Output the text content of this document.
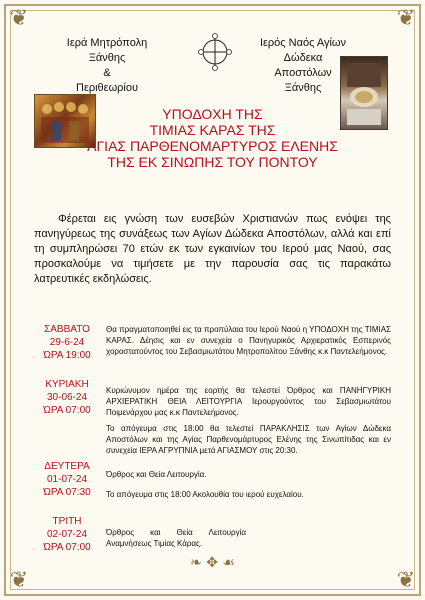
❦	❦
❦	❦
Ιερά Μητρόπολη
Ξάνθης
&
Περιθεωρίου
Ιερός Ναός Αγίων
Δώδεκα
Αποστόλων
Ξάνθης
ΥΠΟΔΟΧΗ ΤΗΣ
ΤΙΜΙΑΣ ΚΑΡΑΣ ΤΗΣ
ΑΓΙΑΣ ΠΑΡΘΕΝΟΜΑΡΤΥΡΟΣ ΕΛΕΝΗΣ
ΤΗΣ ΕΚ ΣΙΝΩΠΗΣ ΤΟΥ ΠΟΝΤΟΥ
Φέρεται εις γνώση των ευσεβών Χριστιανών πως ενόψει της πανηγύρεως της συνάξεως των Αγίων Δώδεκα Αποστόλων, αλλά και επί τη συμπληρώσει 70 ετών εκ των εγκαινίων του Ιερού μας Ναού, σας προσκαλούμε να τιμήσετε με την παρουσία σας τις παρακάτω λατρευτικές εκδηλώσεις.
ΣΑΒΒΑΤΟ
29-6-24
ΏΡΑ 19:00
Θα πραγματοποιηθεί εις τα προπύλαια του Ιερού Ναού η ΥΠΟΔΟΧΗ της ΤΙΜΙΑΣ ΚΑΡΑΣ. Δέησις και εν συνεχεία ο Πανηγυρικός Αρχιερατικός Εσπερινός χοροστατούντος του Σεβασμιωτάτου Μητροπολίτου Ξάνθης κ.κ Παντελεήμονος.
ΚΥΡΙΑΚΗ
30-06-24
ΏΡΑ 07:00
Κυριώνυμον ημέρα της εορτής θα τελεστεί Όρθρος και ΠΑΝΗΓΥΡΙΚΗ ΑΡΧΙΕΡΑΤΙΚΗ ΘΕΙΑ ΛΕΙΤΟΥΡΓΙΑ Ιερουργούντος του Σεβασμιωτάτου Ποιμενάρχου μας κ.κ Παντελεήμονος.
Το απόγευμα στις 18:00 θα τελεστεί ΠΑΡΑΚΛΗΣΙΣ των Αγίων Δώδεκα Αποστόλων και της Αγίας Παρθενομάρτυρος Ελένης της Σινωπίτιδας και εν συνεχεία ΙΕΡΑ ΑΓΡΥΠΝΙΑ μετά ΑΓΙΑΣΜΟΥ στις 20:30.
ΔΕΥΤΕΡΑ
01-07-24
ΏΡΑ 07:30
Όρθρος και Θεία Λειτουργία.
Το απόγευμα στις 18:00 Ακολουθία του ιερού ευχελαίου.
ΤΡΙΤΗ
02-07-24
ΏΡΑ 07:00
Όρθρος και Θεία Λειτουργία Αναμνήσεως Τιμίας Κάρας.
❧ ✥ ☙
